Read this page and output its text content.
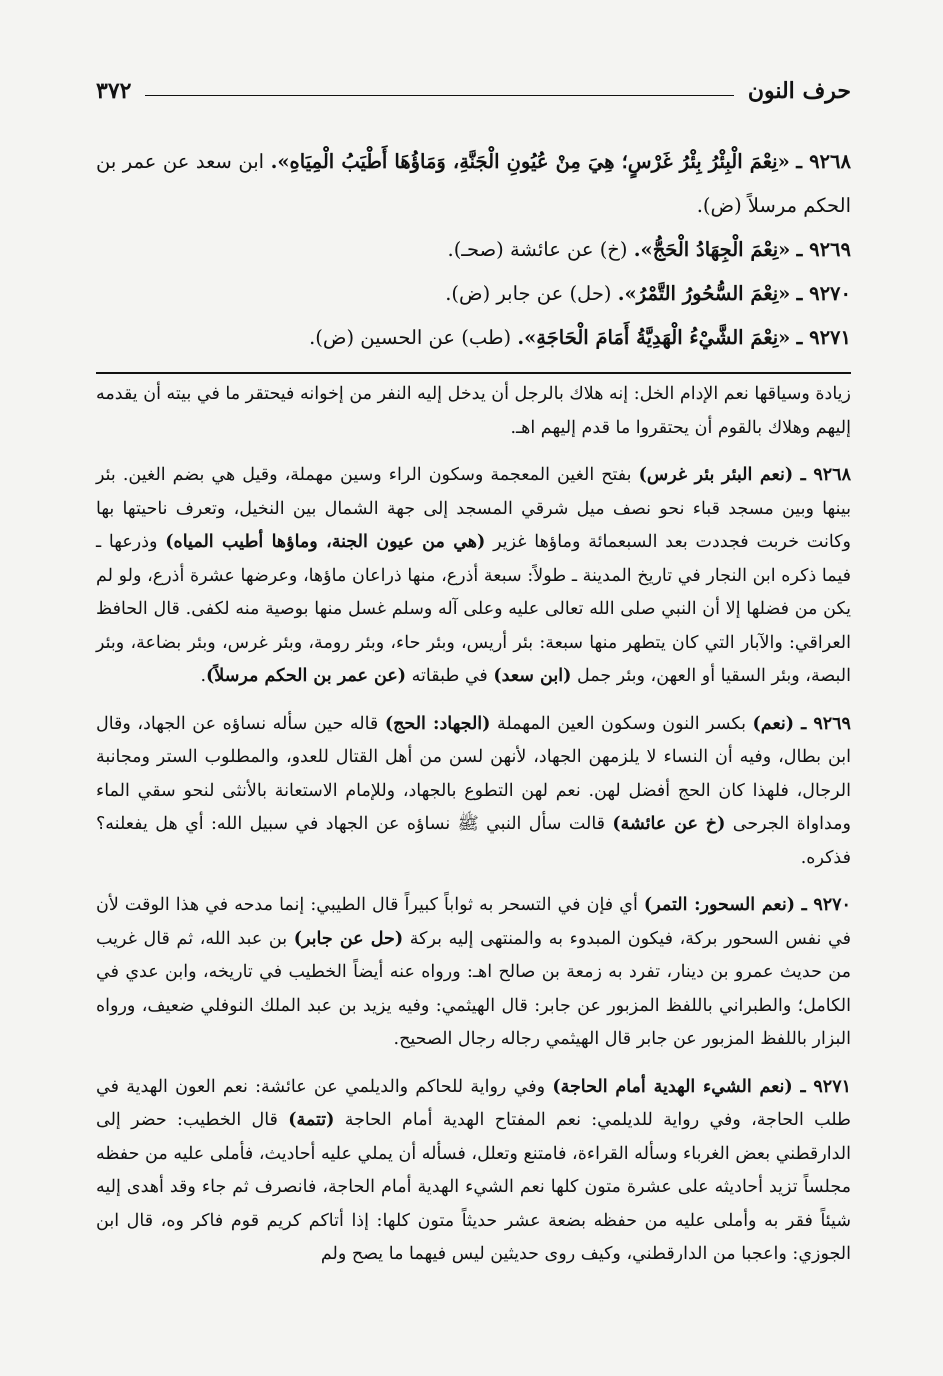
حرف النون
٣٧٢

٩٢٦٨ ـ «نِعْمَ الْبِئْرُ بِئْرُ غَرْسٍ؛ هِيَ مِنْ عُيُونِ الْجَنَّةِ، وَمَاؤُهَا أَطْيَبُ الْمِيَاهِ». ابن سعد عن عمر بن الحكم مرسلاً (ض).

٩٢٦٩ ـ «نِعْمَ الْجِهَادُ الْحَجُّ». (خ) عن عائشة (صحـ).

٩٢٧٠ ـ «نِعْمَ السُّحُورُ التَّمْرُ». (حل) عن جابر (ض).

٩٢٧١ ـ «نِعْمَ الشَّيْءُ الْهَدِيَّةُ أَمَامَ الْحَاجَةِ». (طب) عن الحسين (ض).

زيادة وسياقها نعم الإدام الخل: إنه هلاك بالرجل أن يدخل إليه النفر من إخوانه فيحتقر ما في بيته أن يقدمه إليهم وهلاك بالقوم أن يحتقروا ما قدم إليهم اهـ.

٩٢٦٨ ـ (نعم البئر بئر غرس) بفتح الغين المعجمة وسكون الراء وسين مهملة، وقيل هي بضم الغين. بئر بينها وبين مسجد قباء نحو نصف ميل شرقي المسجد إلى جهة الشمال بين النخيل، وتعرف ناحيتها بها وكانت خربت فجددت بعد السبعمائة وماؤها غزير (هي من عيون الجنة، وماؤها أطيب المياه) وذرعها ـ فيما ذكره ابن النجار في تاريخ المدينة ـ طولاً: سبعة أذرع، منها ذراعان ماؤها، وعرضها عشرة أذرع، ولو لم يكن من فضلها إلا أن النبي صلى الله تعالى عليه وعلى آله وسلم غسل منها بوصية منه لكفى. قال الحافظ العراقي: والآبار التي كان يتطهر منها سبعة: بئر أريس، وبئر حاء، وبئر رومة، وبئر غرس، وبئر بضاعة، وبئر البصة، وبئر السقيا أو العهن، وبئر جمل (ابن سعد) في طبقاته (عن عمر بن الحكم مرسلاً).

٩٢٦٩ ـ (نعم) بكسر النون وسكون العين المهملة (الجهاد: الحج) قاله حين سأله نساؤه عن الجهاد، وقال ابن بطال، وفيه أن النساء لا يلزمهن الجهاد، لأنهن لسن من أهل القتال للعدو، والمطلوب الستر ومجانبة الرجال، فلهذا كان الحج أفضل لهن. نعم لهن التطوع بالجهاد، وللإمام الاستعانة بالأنثى لنحو سقي الماء ومداواة الجرحى (خ عن عائشة) قالت سأل النبي ﷺ نساؤه عن الجهاد في سبيل الله: أي هل يفعلنه؟ فذكره.

٩٢٧٠ ـ (نعم السحور: التمر) أي فإن في التسحر به ثواباً كبيراً قال الطيبي: إنما مدحه في هذا الوقت لأن في نفس السحور بركة، فيكون المبدوء به والمنتهى إليه بركة (حل عن جابر) بن عبد الله، ثم قال غريب من حديث عمرو بن دينار، تفرد به زمعة بن صالح اهـ: ورواه عنه أيضاً الخطيب في تاريخه، وابن عدي في الكامل؛ والطبراني باللفظ المزبور عن جابر: قال الهيثمي: وفيه يزيد بن عبد الملك النوفلي ضعيف، ورواه البزار باللفظ المزبور عن جابر قال الهيثمي رجاله رجال الصحيح.

٩٢٧١ ـ (نعم الشيء الهدية أمام الحاجة) وفي رواية للحاكم والديلمي عن عائشة: نعم العون الهدية في طلب الحاجة، وفي رواية للديلمي: نعم المفتاح الهدية أمام الحاجة (تتمة) قال الخطيب: حضر إلى الدارقطني بعض الغرباء وسأله القراءة، فامتنع وتعلل، فسأله أن يملي عليه أحاديث، فأملى عليه من حفظه مجلساً تزيد أحاديثه على عشرة متون كلها نعم الشيء الهدية أمام الحاجة، فانصرف ثم جاء وقد أهدى إليه شيئاً فقر به وأملى عليه من حفظه بضعة عشر حديثاً متون كلها: إذا أتاكم كريم قوم فاكر وه، قال ابن الجوزي: واعجبا من الدارقطني، وكيف روى حديثين ليس فيهما ما يصح ولم
